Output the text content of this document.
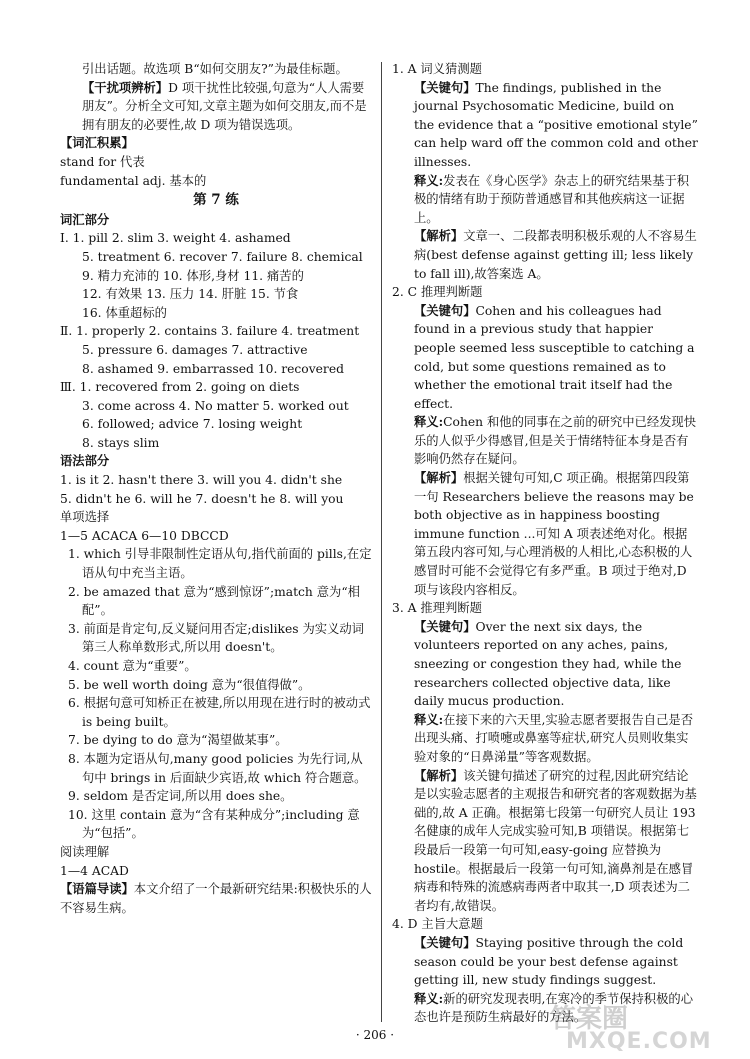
引出话题。故选项 B“如何交朋友?”为最佳标题。

【干扰项辨析】D 项干扰性比较强,句意为“人人需要朋友”。分析全文可知,文章主题为如何交朋友,而不是拥有朋友的必要性,故 D 项为错误选项。

【词汇积累】

stand for 代表

fundamental adj. 基本的

第 7 练

词汇部分

Ⅰ. 1. pill 2. slim 3. weight 4. ashamed

5. treatment 6. recover 7. failure 8. chemical

9. 精力充沛的 10. 体形,身材 11. 痛苦的

12. 有效果 13. 压力 14. 肝脏 15. 节食

16. 体重超标的

Ⅱ. 1. properly 2. contains 3. failure 4. treatment

5. pressure 6. damages 7. attractive

8. ashamed 9. embarrassed 10. recovered

Ⅲ. 1. recovered from 2. going on diets

3. come across 4. No matter 5. worked out

6. followed; advice 7. losing weight

8. stays slim

语法部分

1. is it 2. hasn't there 3. will you 4. didn't she

5. didn't he 6. will he 7. doesn't he 8. will you

单项选择

1—5 ACACA 6—10 DBCCD

1. which 引导非限制性定语从句,指代前面的 pills,在定语从句中充当主语。

2. be amazed that 意为“感到惊讶”;match 意为“相配”。

3. 前面是肯定句,反义疑问用否定;dislikes 为实义动词第三人称单数形式,所以用 doesn't。

4. count 意为“重要”。

5. be well worth doing 意为“很值得做”。

6. 根据句意可知桥正在被建,所以用现在进行时的被动式 is being built。

7. be dying to do 意为“渴望做某事”。

8. 本题为定语从句,many good policies 为先行词,从句中 brings in 后面缺少宾语,故 which 符合题意。

9. seldom 是否定词,所以用 does she。

10. 这里 contain 意为“含有某种成分”;including 意为“包括”。

阅读理解

1—4 ACAD

【语篇导读】本文介绍了一个最新研究结果:积极快乐的人不容易生病。

1. A 词义猜测题

【关键句】The findings, published in the journal Psychosomatic Medicine, build on the evidence that a “positive emotional style” can help ward off the common cold and other illnesses.

释义:发表在《身心医学》杂志上的研究结果基于积极的情绪有助于预防普通感冒和其他疾病这一证据上。

【解析】文章一、二段都表明积极乐观的人不容易生病(best defense against getting ill; less likely to fall ill),故答案选 A。

2. C 推理判断题

【关键句】Cohen and his colleagues had found in a previous study that happier people seemed less susceptible to catching a cold, but some questions remained as to whether the emotional trait itself had the effect.

释义:Cohen 和他的同事在之前的研究中已经发现快乐的人似乎少得感冒,但是关于情绪特征本身是否有影响仍然存在疑问。

【解析】根据关键句可知,C 项正确。根据第四段第一句 Researchers believe the reasons may be both objective as in happiness boosting immune function ...可知 A 项表述绝对化。根据第五段内容可知,与心理消极的人相比,心态积极的人感冒时可能不会觉得它有多严重。B 项过于绝对,D 项与该段内容相反。

3. A 推理判断题

【关键句】Over the next six days, the volunteers reported on any aches, pains, sneezing or congestion they had, while the researchers collected objective data, like daily mucus production.

释义:在接下来的六天里,实验志愿者要报告自己是否出现头痛、打喷嚏或鼻塞等症状,研究人员则收集实验对象的“日鼻涕量”等客观数据。

【解析】该关键句描述了研究的过程,因此研究结论是以实验志愿者的主观报告和研究者的客观数据为基础的,故 A 正确。根据第七段第一句研究人员让 193 名健康的成年人完成实验可知,B 项错误。根据第七段最后一段第一句可知,easy-going 应替换为 hostile。根据最后一段第一句可知,滴鼻剂是在感冒病毒和特殊的流感病毒两者中取其一,D 项表述为二者均有,故错误。

4. D 主旨大意题

【关键句】Staying positive through the cold season could be your best defense against getting ill, new study findings suggest.

释义:新的研究发现表明,在寒冷的季节保持积极的心态也许是预防生病最好的方法。

· 206 ·
答案圈
MXQE.COM
